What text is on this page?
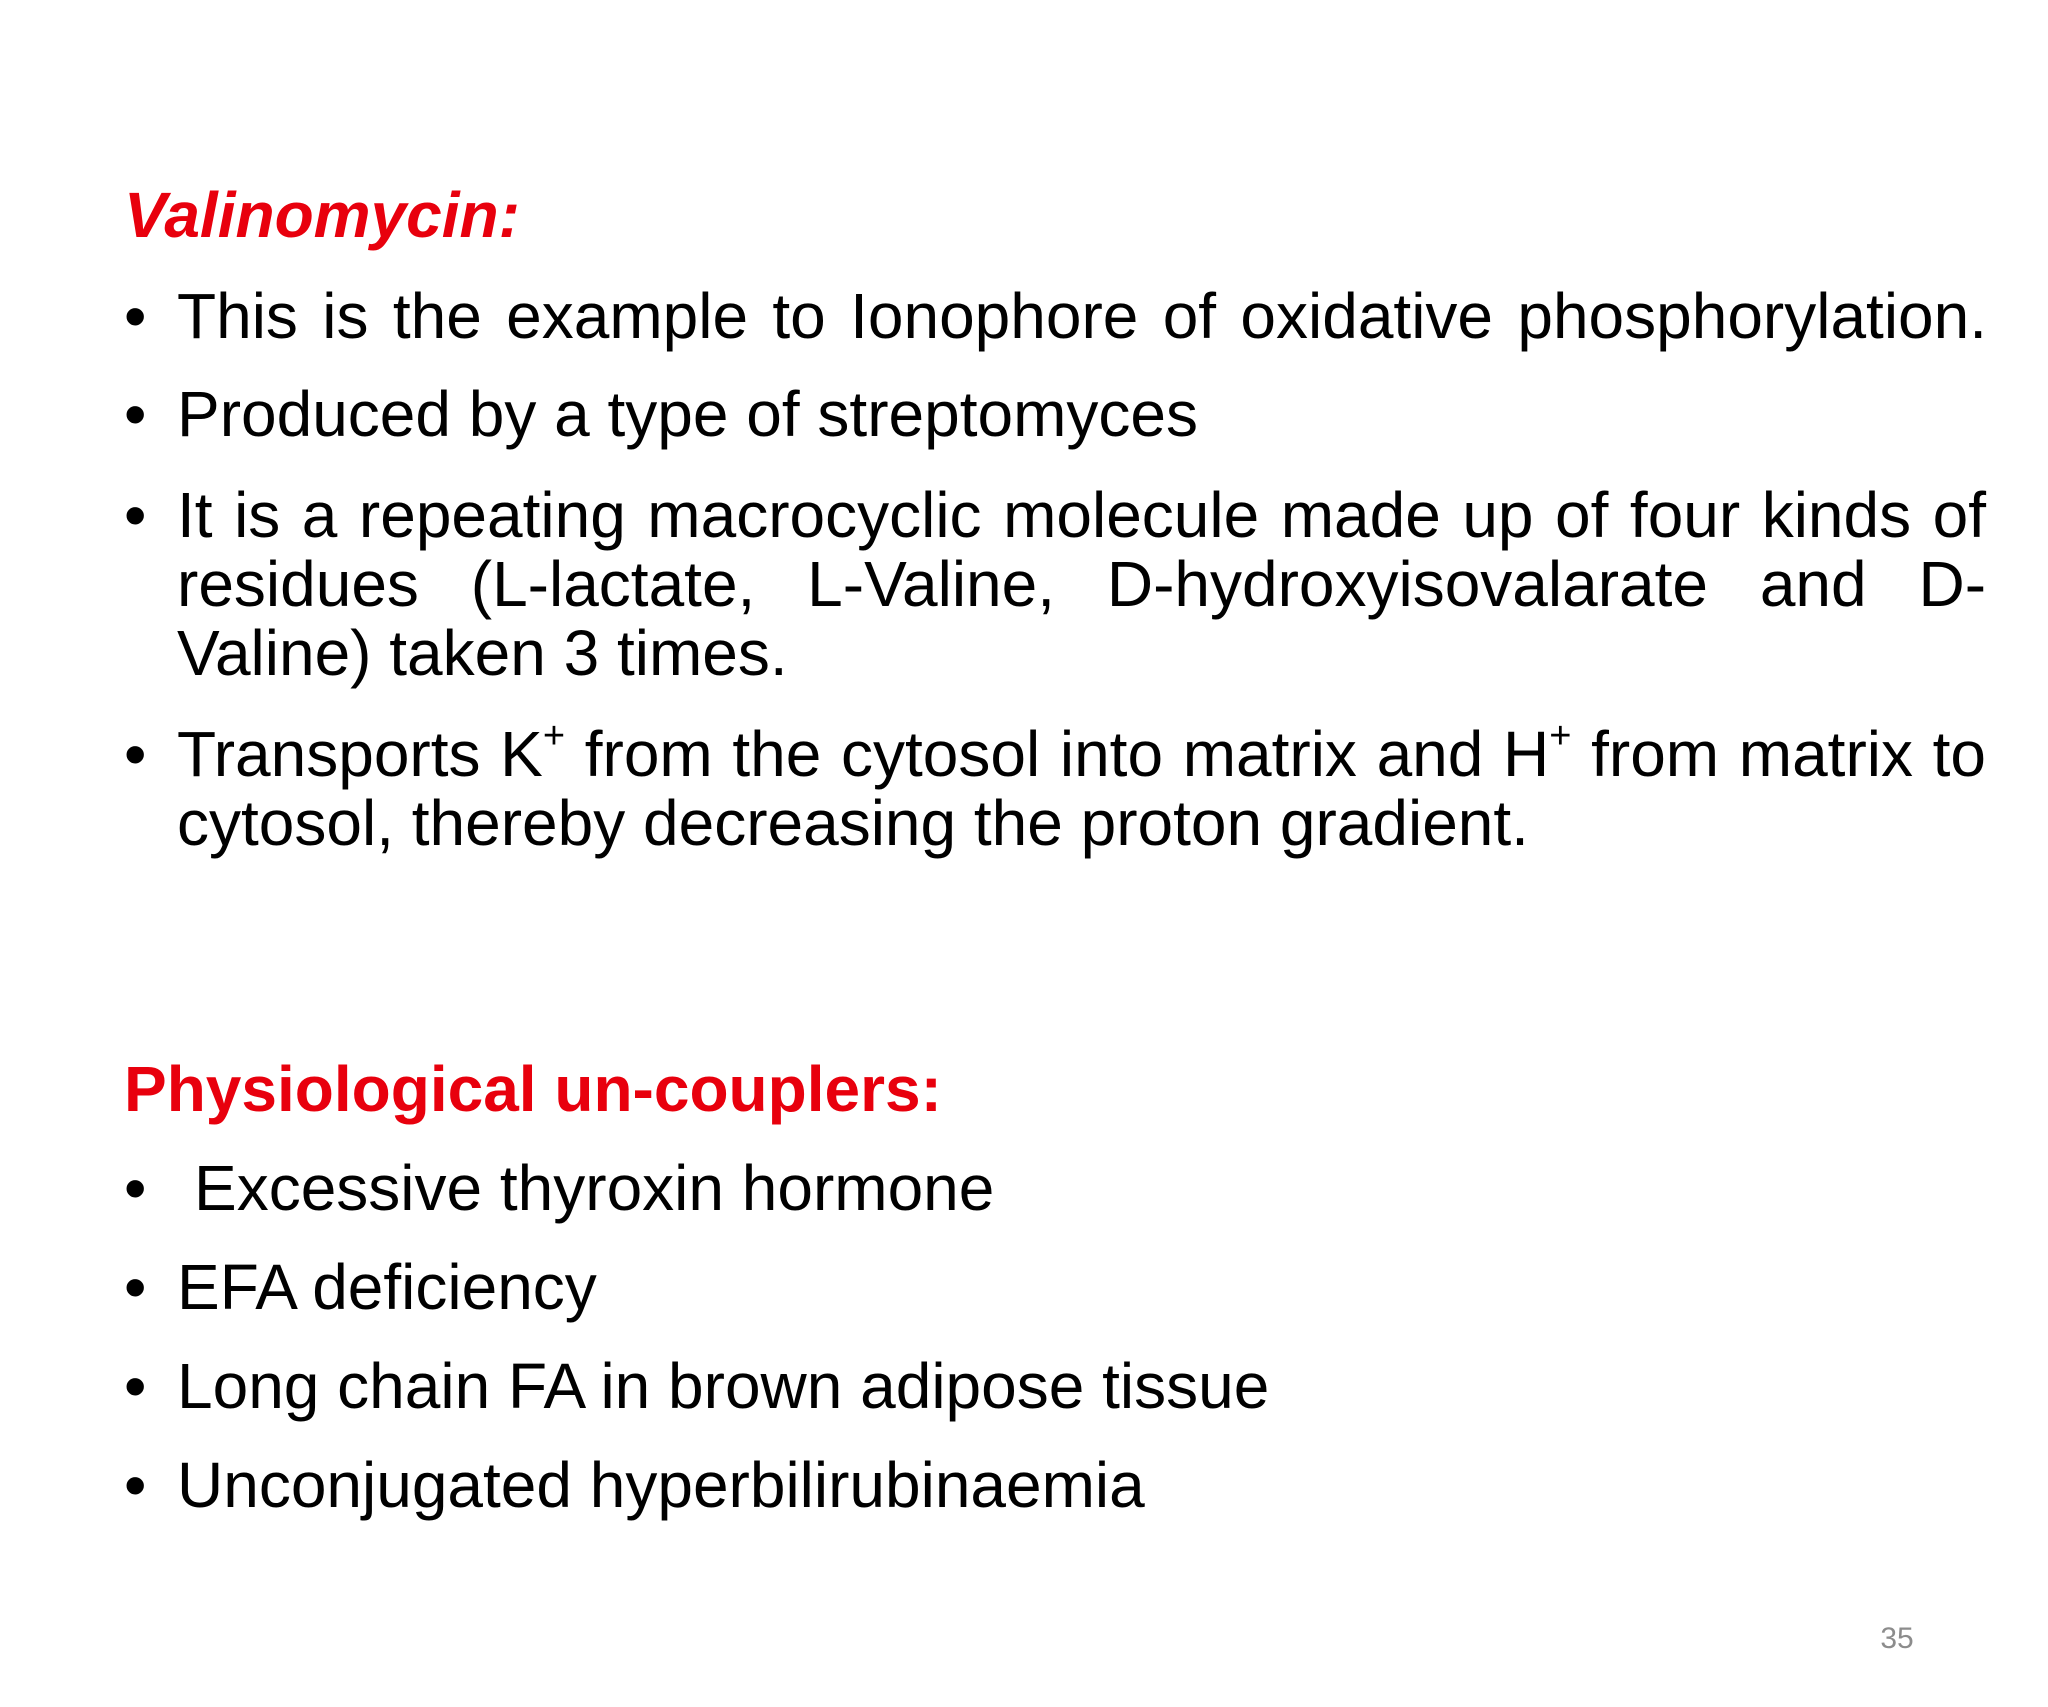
Valinomycin:
• This is the example to Ionophore of oxidative phosphorylation.
• Produced by a type of streptomyces
• It is a repeating macrocyclic molecule made up of four kinds of residues (L-lactate, L-Valine, D-hydroxyisovalarate and D-Valine) taken 3 times.
• Transports K+ from the cytosol into matrix and H+ from matrix to cytosol, thereby decreasing the proton gradient.
Physiological un-couplers:
• Excessive thyroxin hormone
• EFA deficiency
• Long chain FA in brown adipose tissue
• Unconjugated hyperbilirubinaemia
35
